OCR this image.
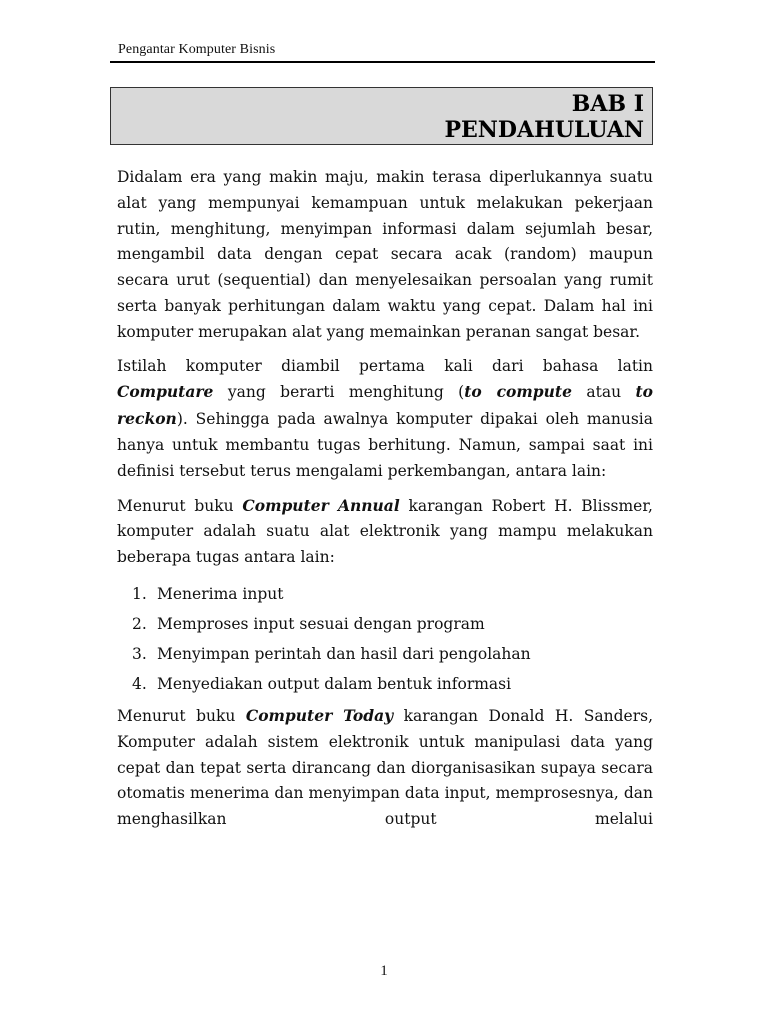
Pengantar Komputer Bisnis
BAB I
PENDAHULUAN

Didalam era yang makin maju, makin terasa diperlukannya suatu alat yang mempunyai kemampuan untuk melakukan pekerjaan rutin, menghitung, menyimpan informasi dalam sejumlah besar, mengambil data dengan cepat secara acak (random) maupun secara urut (sequential) dan menyelesaikan persoalan yang rumit serta banyak perhitungan dalam waktu yang cepat. Dalam hal ini komputer merupakan alat yang memainkan peranan sangat besar.

Istilah komputer diambil pertama kali dari bahasa latin Computare yang berarti menghitung (to compute atau to reckon). Sehingga pada awalnya komputer dipakai oleh manusia hanya untuk membantu tugas berhitung. Namun, sampai saat ini definisi tersebut terus mengalami perkembangan, antara lain:

Menurut buku Computer Annual karangan Robert H. Blissmer, komputer adalah suatu alat elektronik yang mampu melakukan beberapa tugas antara lain:

1. Menerima input
2. Memproses input sesuai dengan program
3. Menyimpan perintah dan hasil dari pengolahan
4. Menyediakan output dalam bentuk informasi

Menurut buku Computer Today karangan Donald H. Sanders, Komputer adalah sistem elektronik untuk manipulasi data yang cepat dan tepat serta dirancang dan diorganisasikan supaya secara otomatis menerima dan menyimpan data input, memprosesnya, dan menghasilkan output melalui

1
